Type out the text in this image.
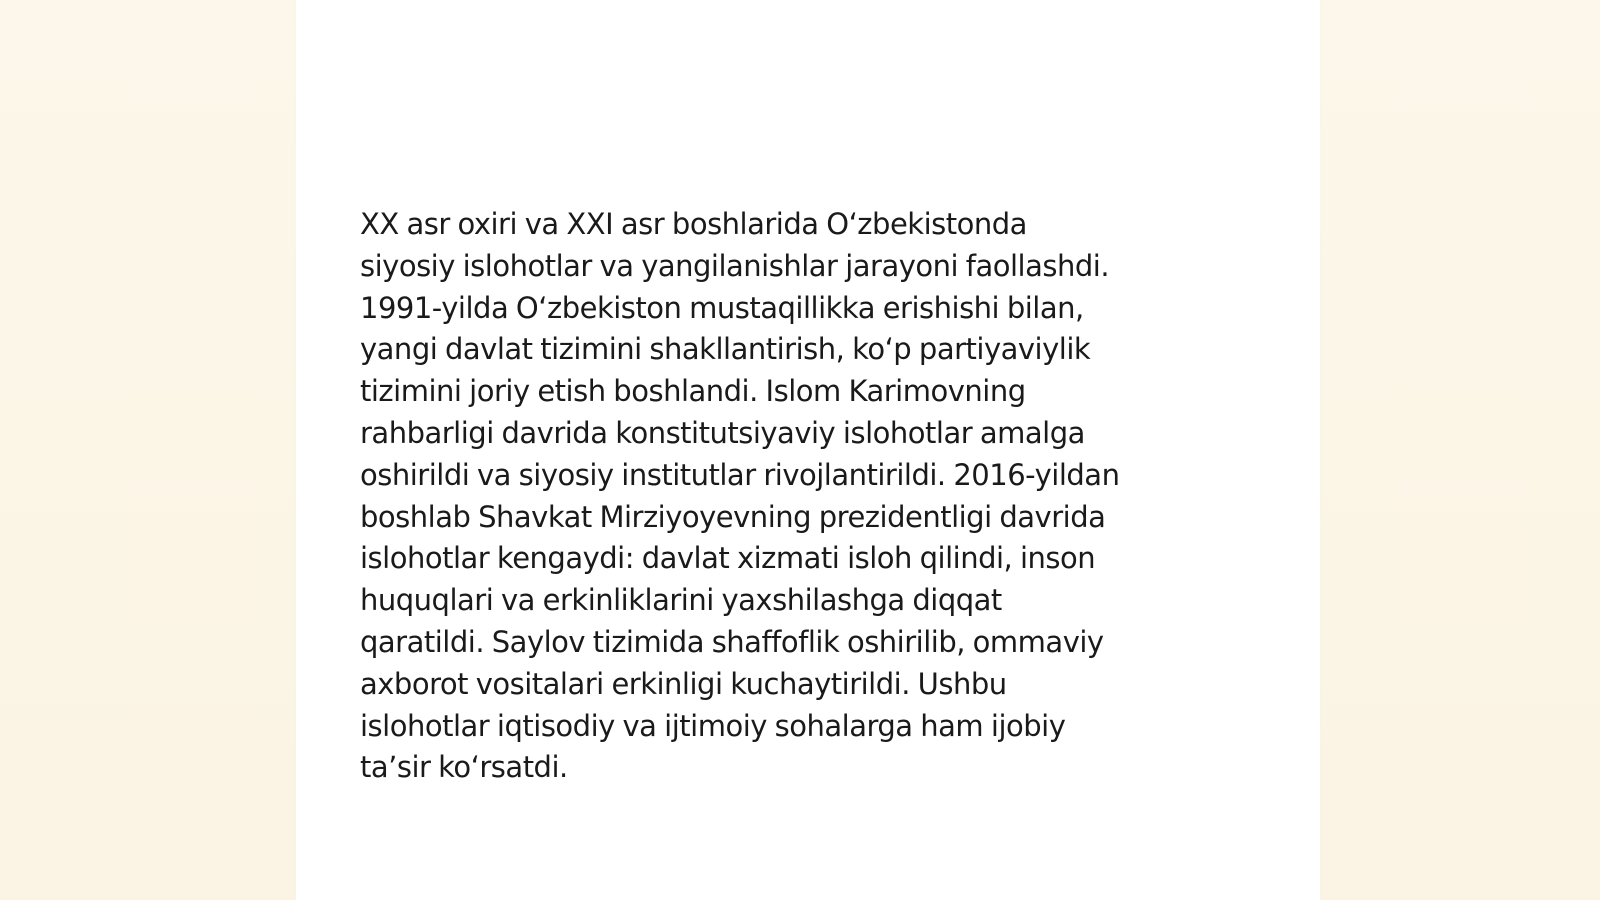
XX asr oxiri va XXI asr boshlarida O‘zbekistonda
siyosiy islohotlar va yangilanishlar jarayoni faollashdi.
1991-yilda O‘zbekiston mustaqillikka erishishi bilan,
yangi davlat tizimini shakllantirish, ko‘p partiyaviylik
tizimini joriy etish boshlandi. Islom Karimovning
rahbarligi davrida konstitutsiyaviy islohotlar amalga
oshirildi va siyosiy institutlar rivojlantirildi. 2016-yildan
boshlab Shavkat Mirziyoyevning prezidentligi davrida
islohotlar kengaydi: davlat xizmati isloh qilindi, inson
huquqlari va erkinliklarini yaxshilashga diqqat
qaratildi. Saylov tizimida shaffoflik oshirilib, ommaviy
axborot vositalari erkinligi kuchaytirildi. Ushbu
islohotlar iqtisodiy va ijtimoiy sohalarga ham ijobiy
ta’sir ko‘rsatdi.
